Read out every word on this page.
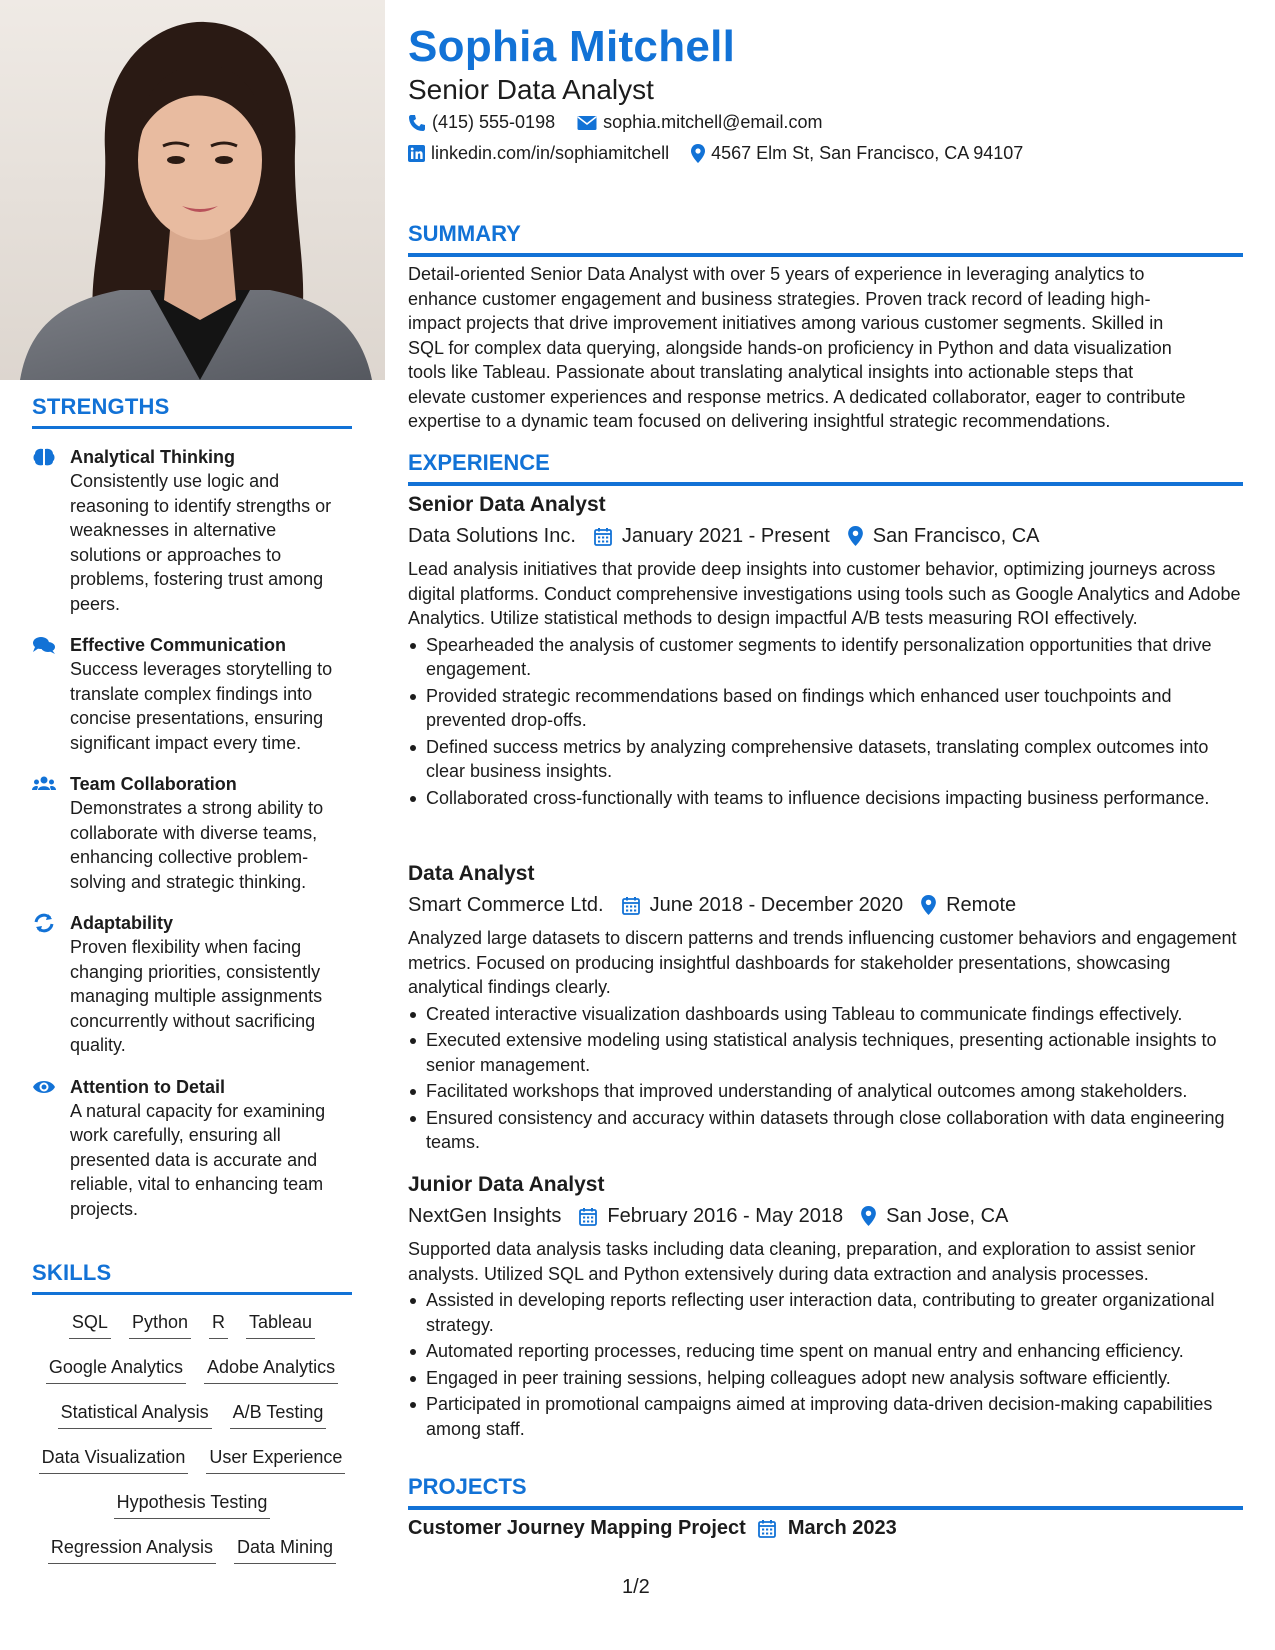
STRENGTHS
Analytical Thinking
Consistently use logic and reasoning to identify strengths or weaknesses in alternative solutions or approaches to problems, fostering trust among peers.
Effective Communication
Success leverages storytelling to translate complex findings into concise presentations, ensuring significant impact every time.
Team Collaboration
Demonstrates a strong ability to collaborate with diverse teams, enhancing collective problem-solving and strategic thinking.
Adaptability
Proven flexibility when facing changing priorities, consistently managing multiple assignments concurrently without sacrificing quality.
Attention to Detail
A natural capacity for examining work carefully, ensuring all presented data is accurate and reliable, vital to enhancing team projects.
SKILLS
SQL Python R Tableau
Google Analytics Adobe Analytics
Statistical Analysis A/B Testing
Data Visualization User Experience
Hypothesis Testing
Regression Analysis Data Mining
Sophia Mitchell
Senior Data Analyst
(415) 555-0198	sophia.mitchell@email.com
linkedin.com/in/sophiamitchell 4567 Elm St, San Francisco, CA 94107
SUMMARY
Detail-oriented Senior Data Analyst with over 5 years of experience in leveraging analytics to
enhance customer engagement and business strategies. Proven track record of leading high-
impact projects that drive improvement initiatives among various customer segments. Skilled in
SQL for complex data querying, alongside hands-on proficiency in Python and data visualization
tools like Tableau. Passionate about translating analytical insights into actionable steps that
elevate customer experiences and response metrics. A dedicated collaborator, eager to contribute
expertise to a dynamic team focused on delivering insightful strategic recommendations.
EXPERIENCE
Senior Data Analyst
Data Solutions Inc. January 2021 - Present San Francisco, CA
Lead analysis initiatives that provide deep insights into customer behavior, optimizing journeys across digital platforms. Conduct comprehensive investigations using tools such as Google Analytics and Adobe Analytics. Utilize statistical methods to design impactful A/B tests measuring ROI effectively.
Spearheaded the analysis of customer segments to identify personalization opportunities that drive engagement.
Provided strategic recommendations based on findings which enhanced user touchpoints and prevented drop-offs.
Defined success metrics by analyzing comprehensive datasets, translating complex outcomes into clear business insights.
Collaborated cross-functionally with teams to influence decisions impacting business performance.
Data Analyst
Smart Commerce Ltd. June 2018 - December 2020 Remote
Analyzed large datasets to discern patterns and trends influencing customer behaviors and engagement metrics. Focused on producing insightful dashboards for stakeholder presentations, showcasing analytical findings clearly.
Created interactive visualization dashboards using Tableau to communicate findings effectively.
Executed extensive modeling using statistical analysis techniques, presenting actionable insights to senior management.
Facilitated workshops that improved understanding of analytical outcomes among stakeholders.
Ensured consistency and accuracy within datasets through close collaboration with data engineering teams.
Junior Data Analyst
NextGen Insights February 2016 - May 2018 San Jose, CA
Supported data analysis tasks including data cleaning, preparation, and exploration to assist senior analysts. Utilized SQL and Python extensively during data extraction and analysis processes.
Assisted in developing reports reflecting user interaction data, contributing to greater organizational strategy.
Automated reporting processes, reducing time spent on manual entry and enhancing efficiency.
Engaged in peer training sessions, helping colleagues adopt new analysis software efficiently.
Participated in promotional campaigns aimed at improving data-driven decision-making capabilities among staff.
PROJECTS
Customer Journey Mapping Project March 2023
1/2
